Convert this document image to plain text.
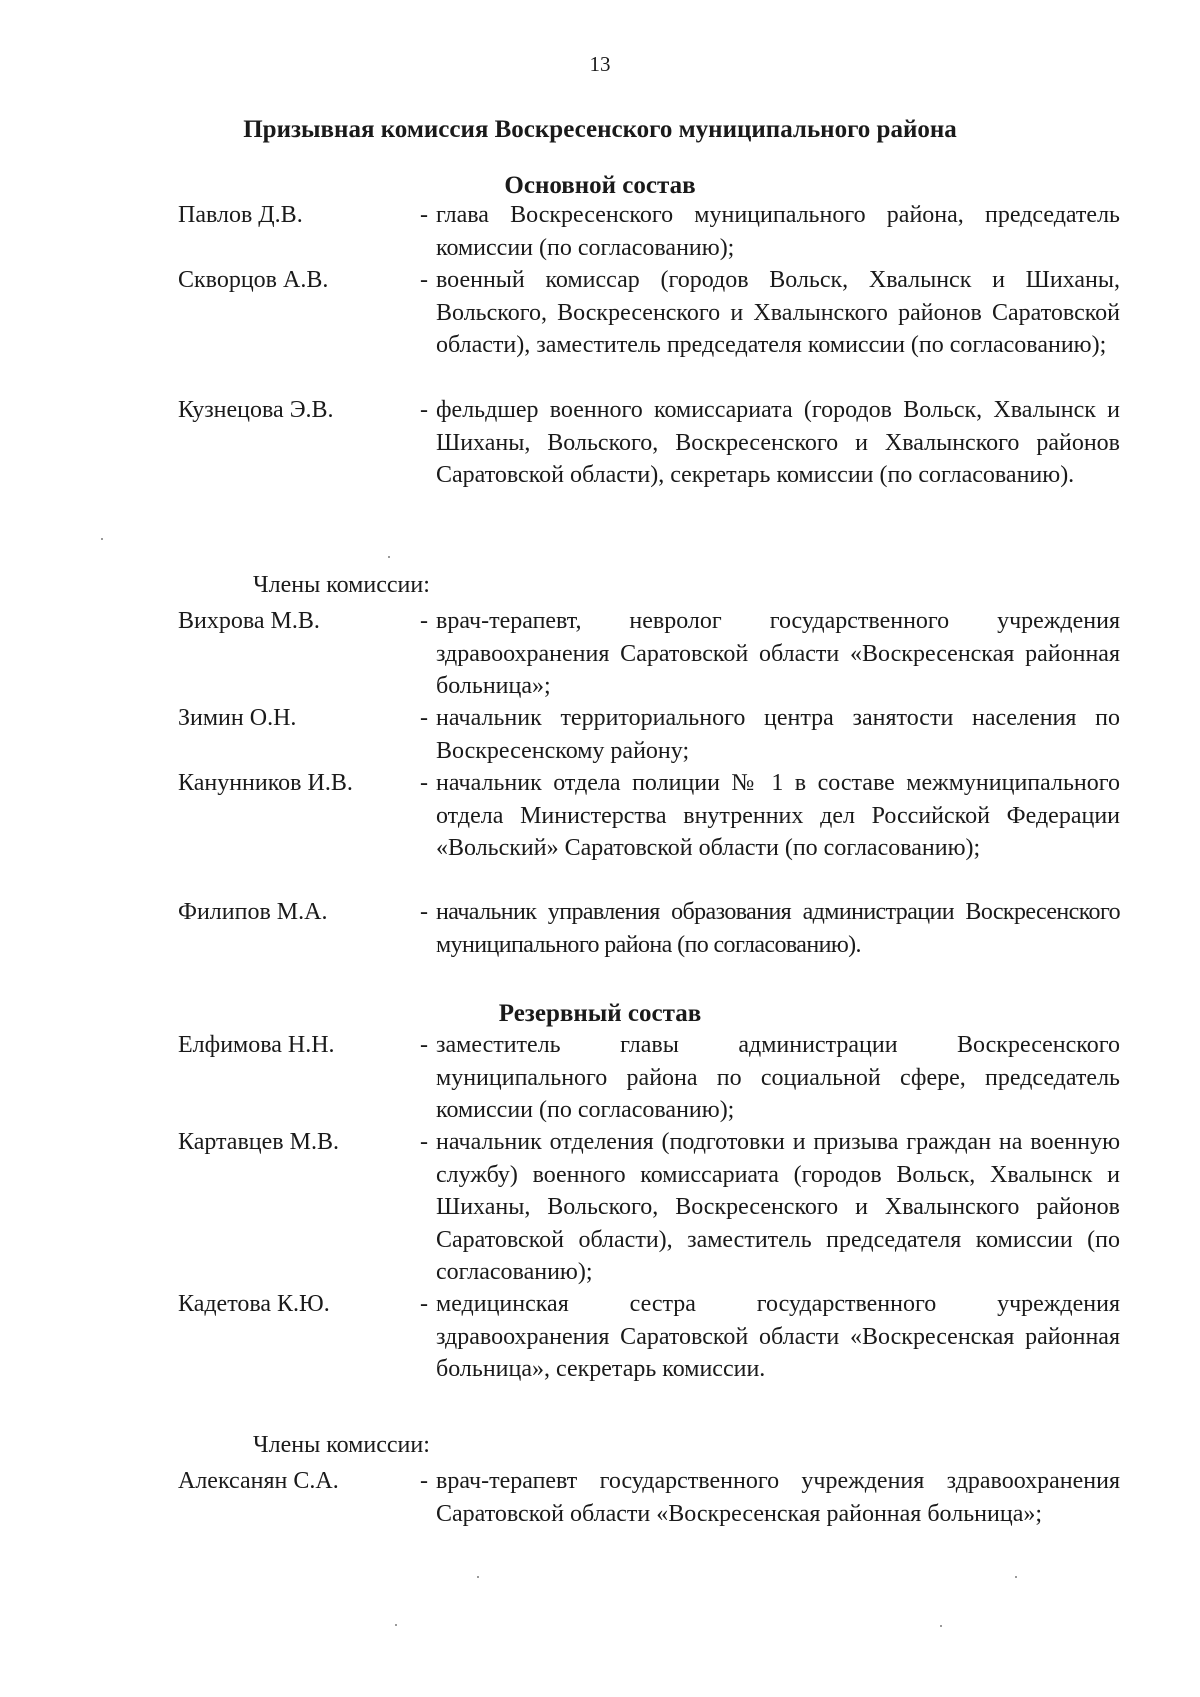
13
Призывная комиссия Воскресенского муниципального района
Основной состав
Павлов Д.В.	- глава Воскресенского муниципального района, председатель комиссии (по согласованию);
Скворцов А.В.	- военный комиссар (городов Вольск, Хвалынск и Шиханы, Вольского, Воскресенского и Хвалынского районов Саратовской области), заместитель председателя комиссии (по согласованию);
Кузнецова Э.В.	- фельдшер военного комиссариата (городов Вольск, Хвалынск и Шиханы, Вольского, Воскресенского и Хвалынского районов Саратовской области), секретарь комиссии (по согласованию).
Члены комиссии:
Вихрова М.В.	- врач-терапевт, невролог государственного учреждения здравоохранения Саратовской области «Воскресенская районная больница»;
Зимин О.Н.	- начальник территориального центра занятости населения по Воскресенскому району;
Канунников И.В.	- начальник отдела полиции № 1 в составе межмуниципального отдела Министерства внутренних дел Российской Федерации «Вольский» Саратовской области (по согласованию);
Филипов М.А.	- начальник управления образования администрации Воскресенского муниципального района (по согласованию).
Резервный состав
Елфимова Н.Н.	- заместитель главы администрации Воскресенского муниципального района по социальной сфере, председатель комиссии (по согласованию);
Картавцев М.В.	- начальник отделения (подготовки и призыва граждан на военную службу) военного комиссариата (городов Вольск, Хвалынск и Шиханы, Вольского, Воскресенского и Хвалынского районов Саратовской области), заместитель председателя комиссии (по согласованию);
Кадетова К.Ю.	- медицинская сестра государственного учреждения здравоохранения Саратовской области «Воскресенская районная больница», секретарь комиссии.
Члены комиссии:
Алексанян С.А.	- врач-терапевт государственного учреждения здравоохранения Саратовской области «Воскресенская районная больница»;
